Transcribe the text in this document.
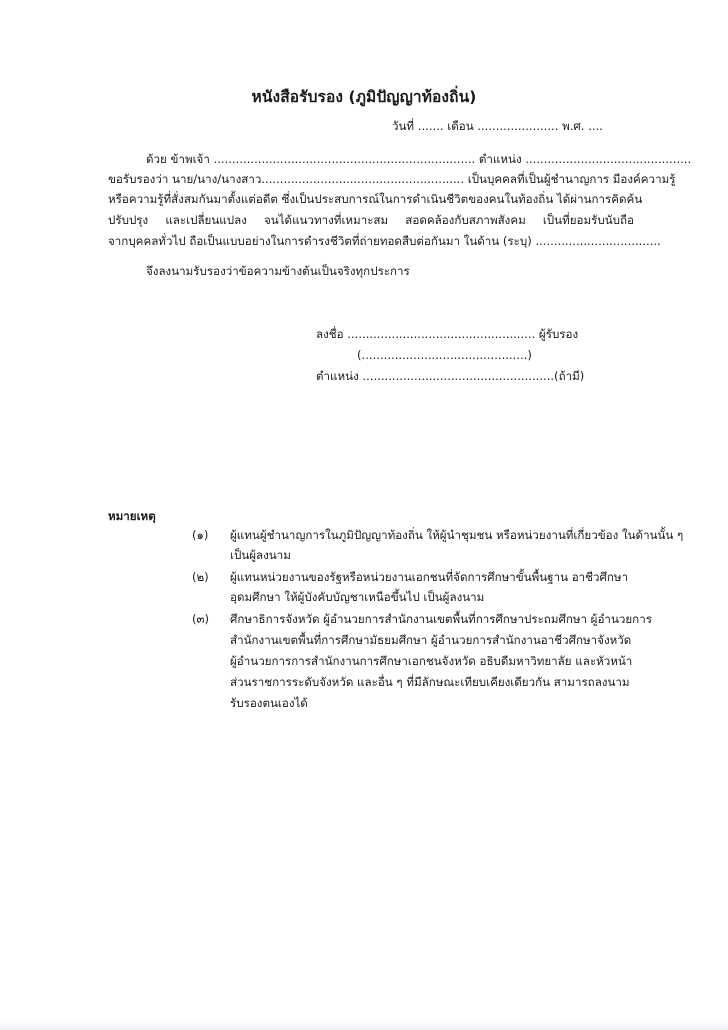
หนังสือรับรอง (ภูมิปัญญาท้องถิ่น)
วันที่ ....... เดือน ...................... พ.ศ. ....
ด้วย ข้าพเจ้า ....................................................................... ตำแหน่ง .............................................
ขอรับรองว่า นาย/นาง/นางสาว....................................................... เป็นบุคคลที่เป็นผู้ชำนาญการ มีองค์ความรู้
หรือความรู้ที่สั่งสมกันมาตั้งแต่อดีต ซึ่งเป็นประสบการณ์ในการดำเนินชีวิตของคนในท้องถิ่น ได้ผ่านการคิดค้น
ปรับปรุง และเปลี่ยนแปลง จนได้แนวทางที่เหมาะสม สอดคล้องกับสภาพสังคม เป็นที่ยอมรับนับถือ
จากบุคคลทั่วไป ถือเป็นแบบอย่างในการดำรงชีวิตที่ถ่ายทอดสืบต่อกันมา ในด้าน (ระบุ) ..................................
จึงลงนามรับรองว่าข้อความข้างต้นเป็นจริงทุกประการ
ลงชื่อ ................................................... ผู้รับรอง
(.............................................)
ตำแหน่ง ....................................................(ถ้ามี)
หมายเหตุ
(๑) ผู้แทนผู้ชำนาญการในภูมิปัญญาท้องถิ่น ให้ผู้นำชุมชน หรือหน่วยงานที่เกี่ยวข้อง ในด้านนั้น ๆ
เป็นผู้ลงนาม
(๒) ผู้แทนหน่วยงานของรัฐหรือหน่วยงานเอกชนที่จัดการศึกษาขั้นพื้นฐาน อาชีวศึกษา
อุดมศึกษา ให้ผู้บังคับบัญชาเหนือขึ้นไป เป็นผู้ลงนาม
(๓) ศึกษาธิการจังหวัด ผู้อำนวยการสำนักงานเขตพื้นที่การศึกษาประถมศึกษา ผู้อำนวยการ
สำนักงานเขตพื้นที่การศึกษามัธยมศึกษา ผู้อำนวยการสำนักงานอาชีวศึกษาจังหวัด
ผู้อำนวยการการสำนักงานการศึกษาเอกชนจังหวัด อธิบดีมหาวิทยาลัย และหัวหน้า
ส่วนราชการระดับจังหวัด และอื่น ๆ ที่มีลักษณะเทียบเคียงเดียวกัน สามารถลงนาม
รับรองตนเองได้
